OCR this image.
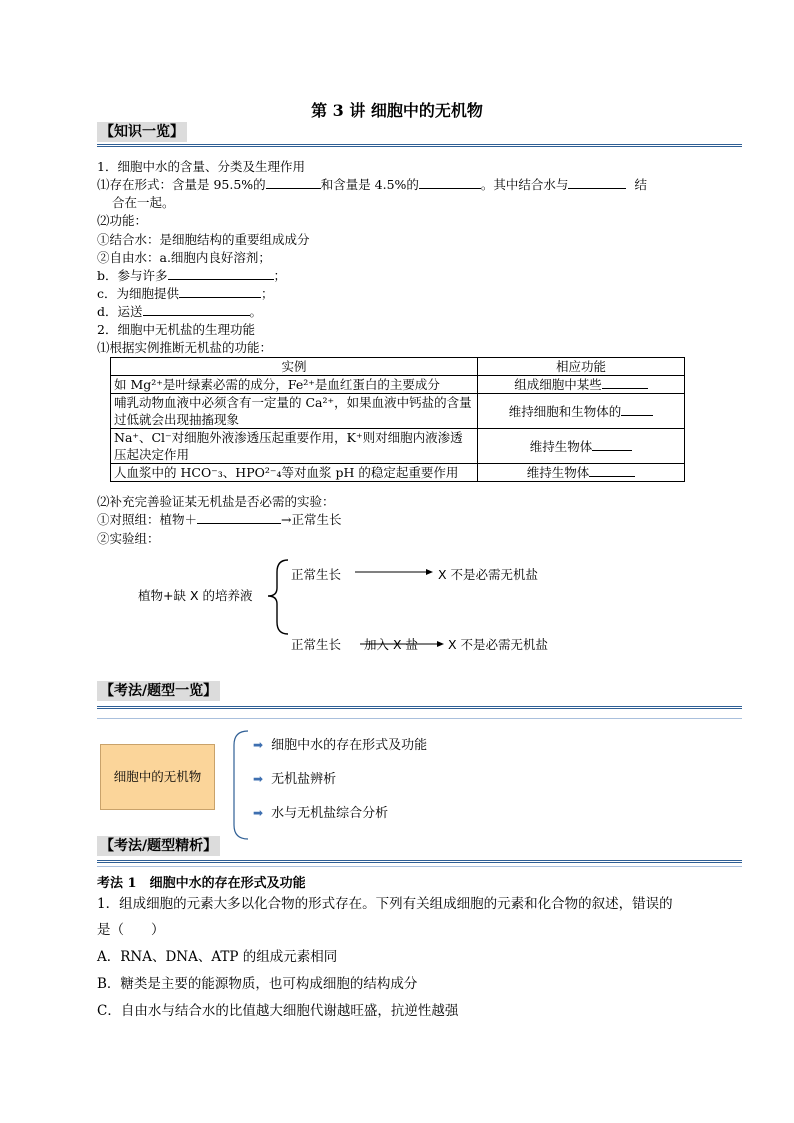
第 3 讲 细胞中的无机物
【知识一览】
1．细胞中水的含量、分类及生理作用
⑴存在形式：含量是 95.5%的	和含量是 4.5%的	。其中结合水与	结
合在一起。
⑵功能：
①结合水：是细胞结构的重要组成成分
②自由水：a.细胞内良好溶剂；
b．参与许多	；
c．为细胞提供	；
d．运送	。
2．细胞中无机盐的生理功能
⑴根据实例推断无机盐的功能：
实例	相应功能
如 Mg²⁺是叶绿素必需的成分，Fe²⁺是血红蛋白的主要成分	组成细胞中某些
哺乳动物血液中必须含有一定量的 Ca²⁺，如果血液中钙盐的含量过低就会出现抽搐现象	维持细胞和生物体的
Na⁺、Cl⁻对细胞外液渗透压起重要作用，K⁺则对细胞内液渗透压起决定作用	维持生物体
人血浆中的 HCO⁻₃、HPO²⁻₄等对血浆 pH 的稳定起重要作用	维持生物体
⑵补充完善验证某无机盐是否必需的实验：
①对照组：植物＋	→正常生长
②实验组：
植物+缺 X 的培养液
正常生长	X 不是必需无机盐
正常生长 加入 X 盐 X 不是必需无机盐
【考法/题型一览】
细胞中的无机物
➡ 细胞中水的存在形式及功能
➡ 无机盐辨析
➡ 水与无机盐综合分析
【考法/题型精析】
考法 1　细胞中水的存在形式及功能
1．组成细胞的元素大多以化合物的形式存在。下列有关组成细胞的元素和化合物的叙述，错误的
是（　　）
A．RNA、DNA、ATP 的组成元素相同
B．糖类是主要的能源物质，也可构成细胞的结构成分
C．自由水与结合水的比值越大细胞代谢越旺盛，抗逆性越强
